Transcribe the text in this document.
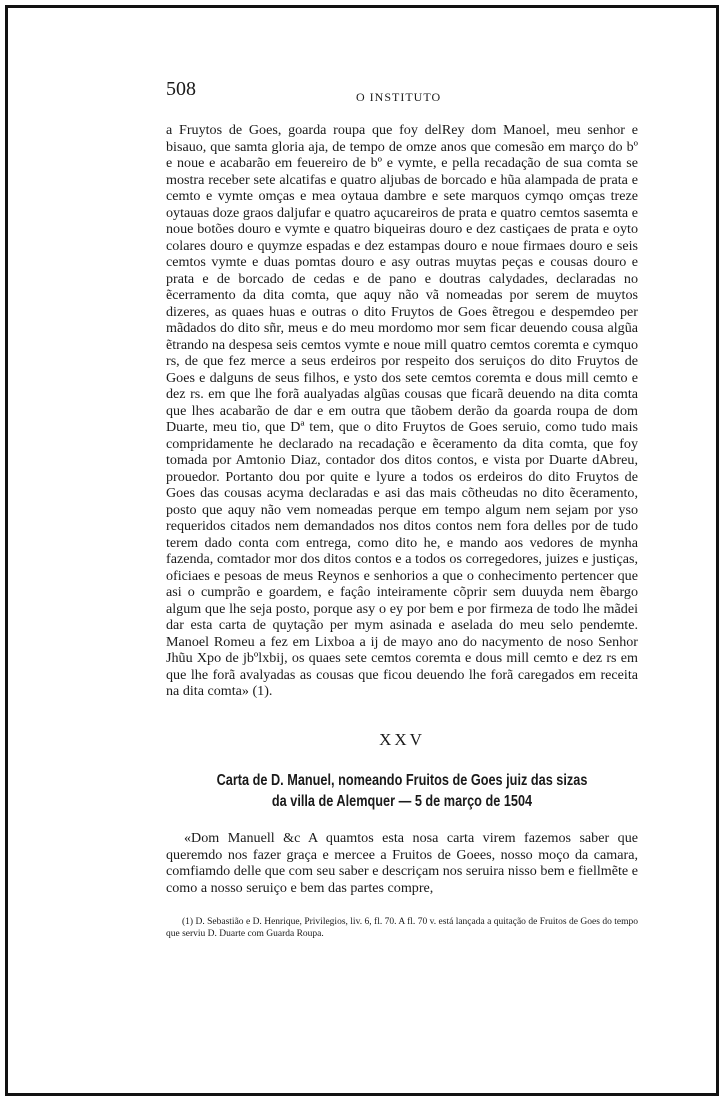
508	O INSTITUTO

a Fruytos de Goes, goarda roupa que foy delRey dom Manoel, meu senhor e bisauo, que samta gloria aja, de tempo de omze anos que comesão em março do bº e noue e acabarão em feuereiro de bº e vymte, e pella recadação de sua comta se mostra receber sete alcatifas e quatro aljubas de borcado e hũa alampada de prata e cemto e vymte omças e mea oytaua dambre e sete marquos cymqo omças treze oytauas doze graos daljufar e quatro açucareiros de prata e quatro cemtos sasemta e noue botões douro e vymte e quatro biqueiras douro e dez castiçaes de prata e oyto colares douro e quymze espadas e dez estampas douro e noue firmaes douro e seis cemtos vymte e duas pomtas douro e asy outras muytas peças e cousas douro e prata e de borcado de cedas e de pano e doutras calydades, declaradas no ẽcerramento da dita comta, que aquy não vã nomeadas por serem de muytos dizeres, as quaes huas e outras o dito Fruytos de Goes ẽtregou e despemdeo per mãdados do dito sñr, meus e do meu mordomo mor sem ficar deuendo cousa algũa ẽtrando na despesa seis cemtos vymte e noue mill quatro cemtos coremta e cymquo rs, de que fez merce a seus erdeiros por respeito dos seruiços do dito Fruytos de Goes e dalguns de seus filhos, e ysto dos sete cemtos coremta e dous mill cemto e dez rs. em que lhe forã aualyadas algũas cousas que ficarã deuendo na dita comta que lhes acabarão de dar e em outra que tãobem derão da goarda roupa de dom Duarte, meu tio, que Dª tem, que o dito Fruytos de Goes seruio, como tudo mais compridamente he declarado na recadação e ẽceramento da dita comta, que foy tomada por Amtonio Diaz, contador dos ditos contos, e vista por Duarte dAbreu, prouedor. Portanto dou por quite e lyure a todos os erdeiros do dito Fruytos de Goes das cousas acyma declaradas e asi das mais cõtheudas no dito ẽceramento, posto que aquy não vem nomeadas perque em tempo algum nem sejam por yso requeridos citados nem demandados nos ditos contos nem fora delles por de tudo terem dado conta com entrega, como dito he, e mando aos vedores de mynha fazenda, comtador mor dos ditos contos e a todos os corregedores, juizes e justiças, oficiaes e pesoas de meus Reynos e senhorios a que o conhecimento pertencer que asi o cumprão e goardem, e façâo inteiramente cõprir sem duuyda nem ẽbargo algum que lhe seja posto, porque asy o ey por bem e por firmeza de todo lhe mãdei dar esta carta de quytação per mym asinada e aselada do meu selo pendemte. Manoel Romeu a fez em Lixboa a ij de mayo ano do nacymento de noso Senhor Jhũu Xpo de jbºlxbij, os quaes sete cemtos coremta e dous mill cemto e dez rs em que lhe forã avalyadas as cousas que ficou deuendo lhe forã caregados em receita na dita comta» (1).

XXV
Carta de D. Manuel, nomeando Fruitos de Goes juiz das sizas
da villa de Alemquer — 5 de março de 1504

«Dom Manuell &c A quamtos esta nosa carta virem fazemos saber que queremdo nos fazer graça e mercee a Fruitos de Goees, nosso moço da camara, comfiamdo delle que com seu saber e descriçam nos seruira nisso bem e fiellmẽte e como a nosso seruiço e bem das partes compre,

(1) D. Sebastião e D. Henrique, Privilegios, liv. 6, fl. 70. A fl. 70 v. está lançada a quitação de Fruitos de Goes do tempo que serviu D. Duarte com Guarda Roupa.
